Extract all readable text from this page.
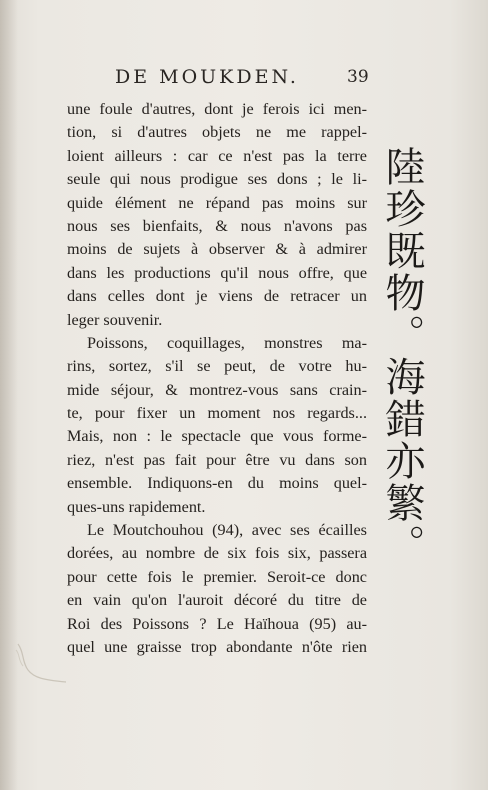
DE MOUKDEN.	39
une foule d'autres, dont je ferois ici men-
tion, si d'autres objets ne me rappel-
loient ailleurs : car ce n'est pas la terre
seule qui nous prodigue ses dons ; le li-
quide élément ne répand pas moins sur
nous ses bienfaits, & nous n'avons pas
moins de sujets à observer & à admirer
dans les productions qu'il nous offre, que
dans celles dont je viens de retracer un
leger souvenir.
Poissons, coquillages, monstres ma-
rins, sortez, s'il se peut, de votre hu-
mide séjour, & montrez-vous sans crain-
te, pour fixer un moment nos regards...
Mais, non : le spectacle que vous forme-
riez, n'est pas fait pour être vu dans son
ensemble. Indiquons-en du moins quel-
ques-uns rapidement.
Le Moutchouhou (94), avec ses écailles
dorées, au nombre de six fois six, passera
pour cette fois le premier. Seroit-ce donc
en vain qu'on l'auroit décoré du titre de
Roi des Poissons ? Le Haïhoua (95) au-
quel une graisse trop abondante n'ôte rien
陸珍既物。海錯亦繁。
